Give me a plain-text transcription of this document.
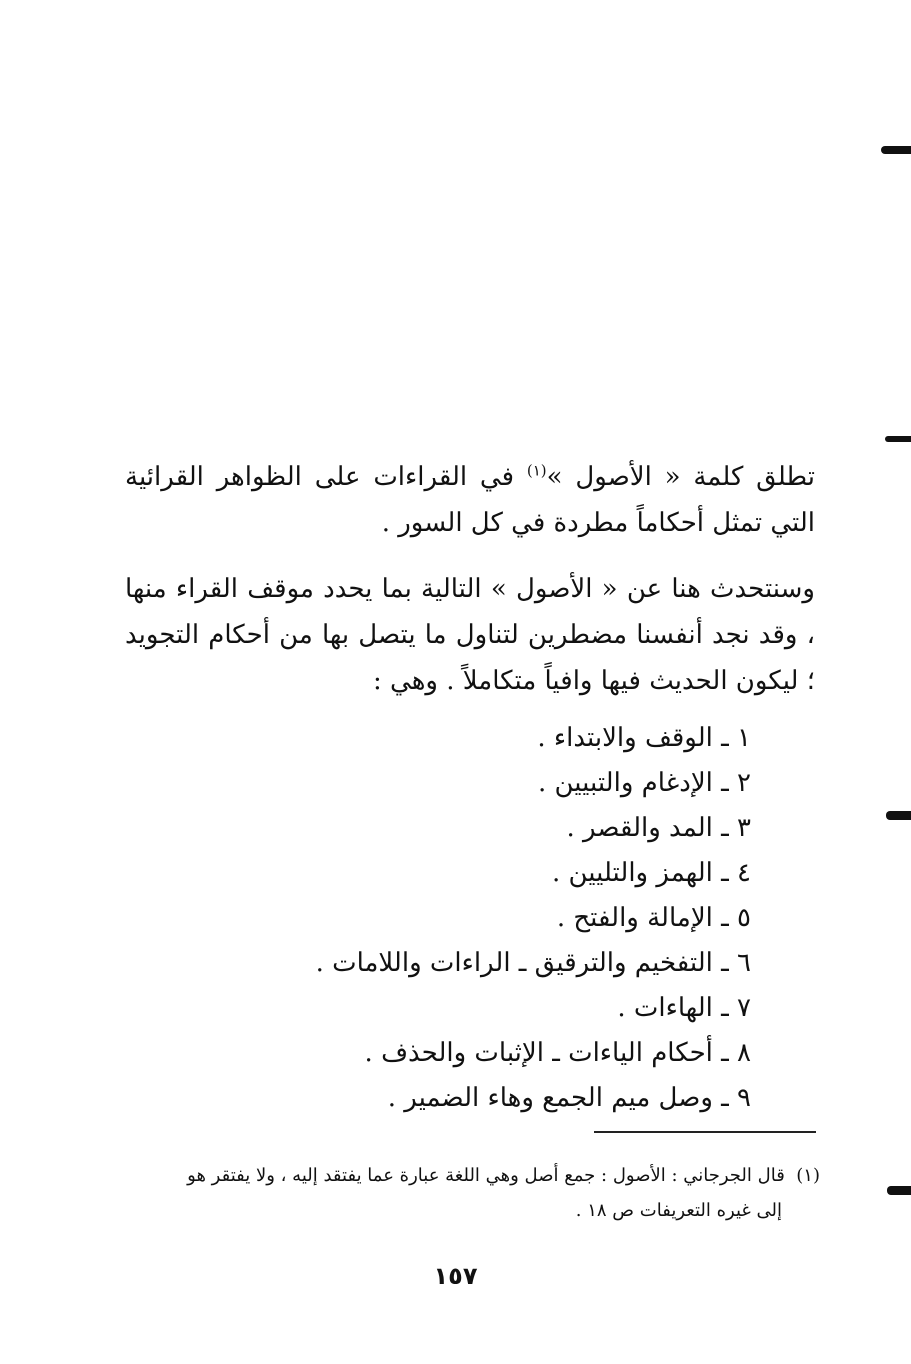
تطلق كلمة « الأصول »$^{(١)}$ في القراءات على الظواهر القرائية التي تمثل أحكاماً مطردة في كل السور .

وسنتحدث هنا عن « الأصول » التالية بما يحدد موقف القراء منها ، وقد نجد أنفسنا مضطرين لتناول ما يتصل بها من أحكام التجويد ؛ ليكون الحديث فيها وافياً متكاملاً . وهي :

١ ـ الوقف والابتداء .
٢ ـ الإدغام والتبيين .
٣ ـ المد والقصر .
٤ ـ الهمز والتليين .
٥ ـ الإمالة والفتح .
٦ ـ التفخيم والترقيق ـ الراءات واللامات .
٧ ـ الهاءات .
٨ ـ أحكام الياءات ـ الإثبات والحذف .
٩ ـ وصل ميم الجمع وهاء الضمير .
(١)  قال الجرجاني : الأصول : جمع أصل وهي اللغة عبارة عما يفتقد إليه ، ولا يفتقر هو
إلى غيره التعريفات ص ١٨ .
١٥٧
